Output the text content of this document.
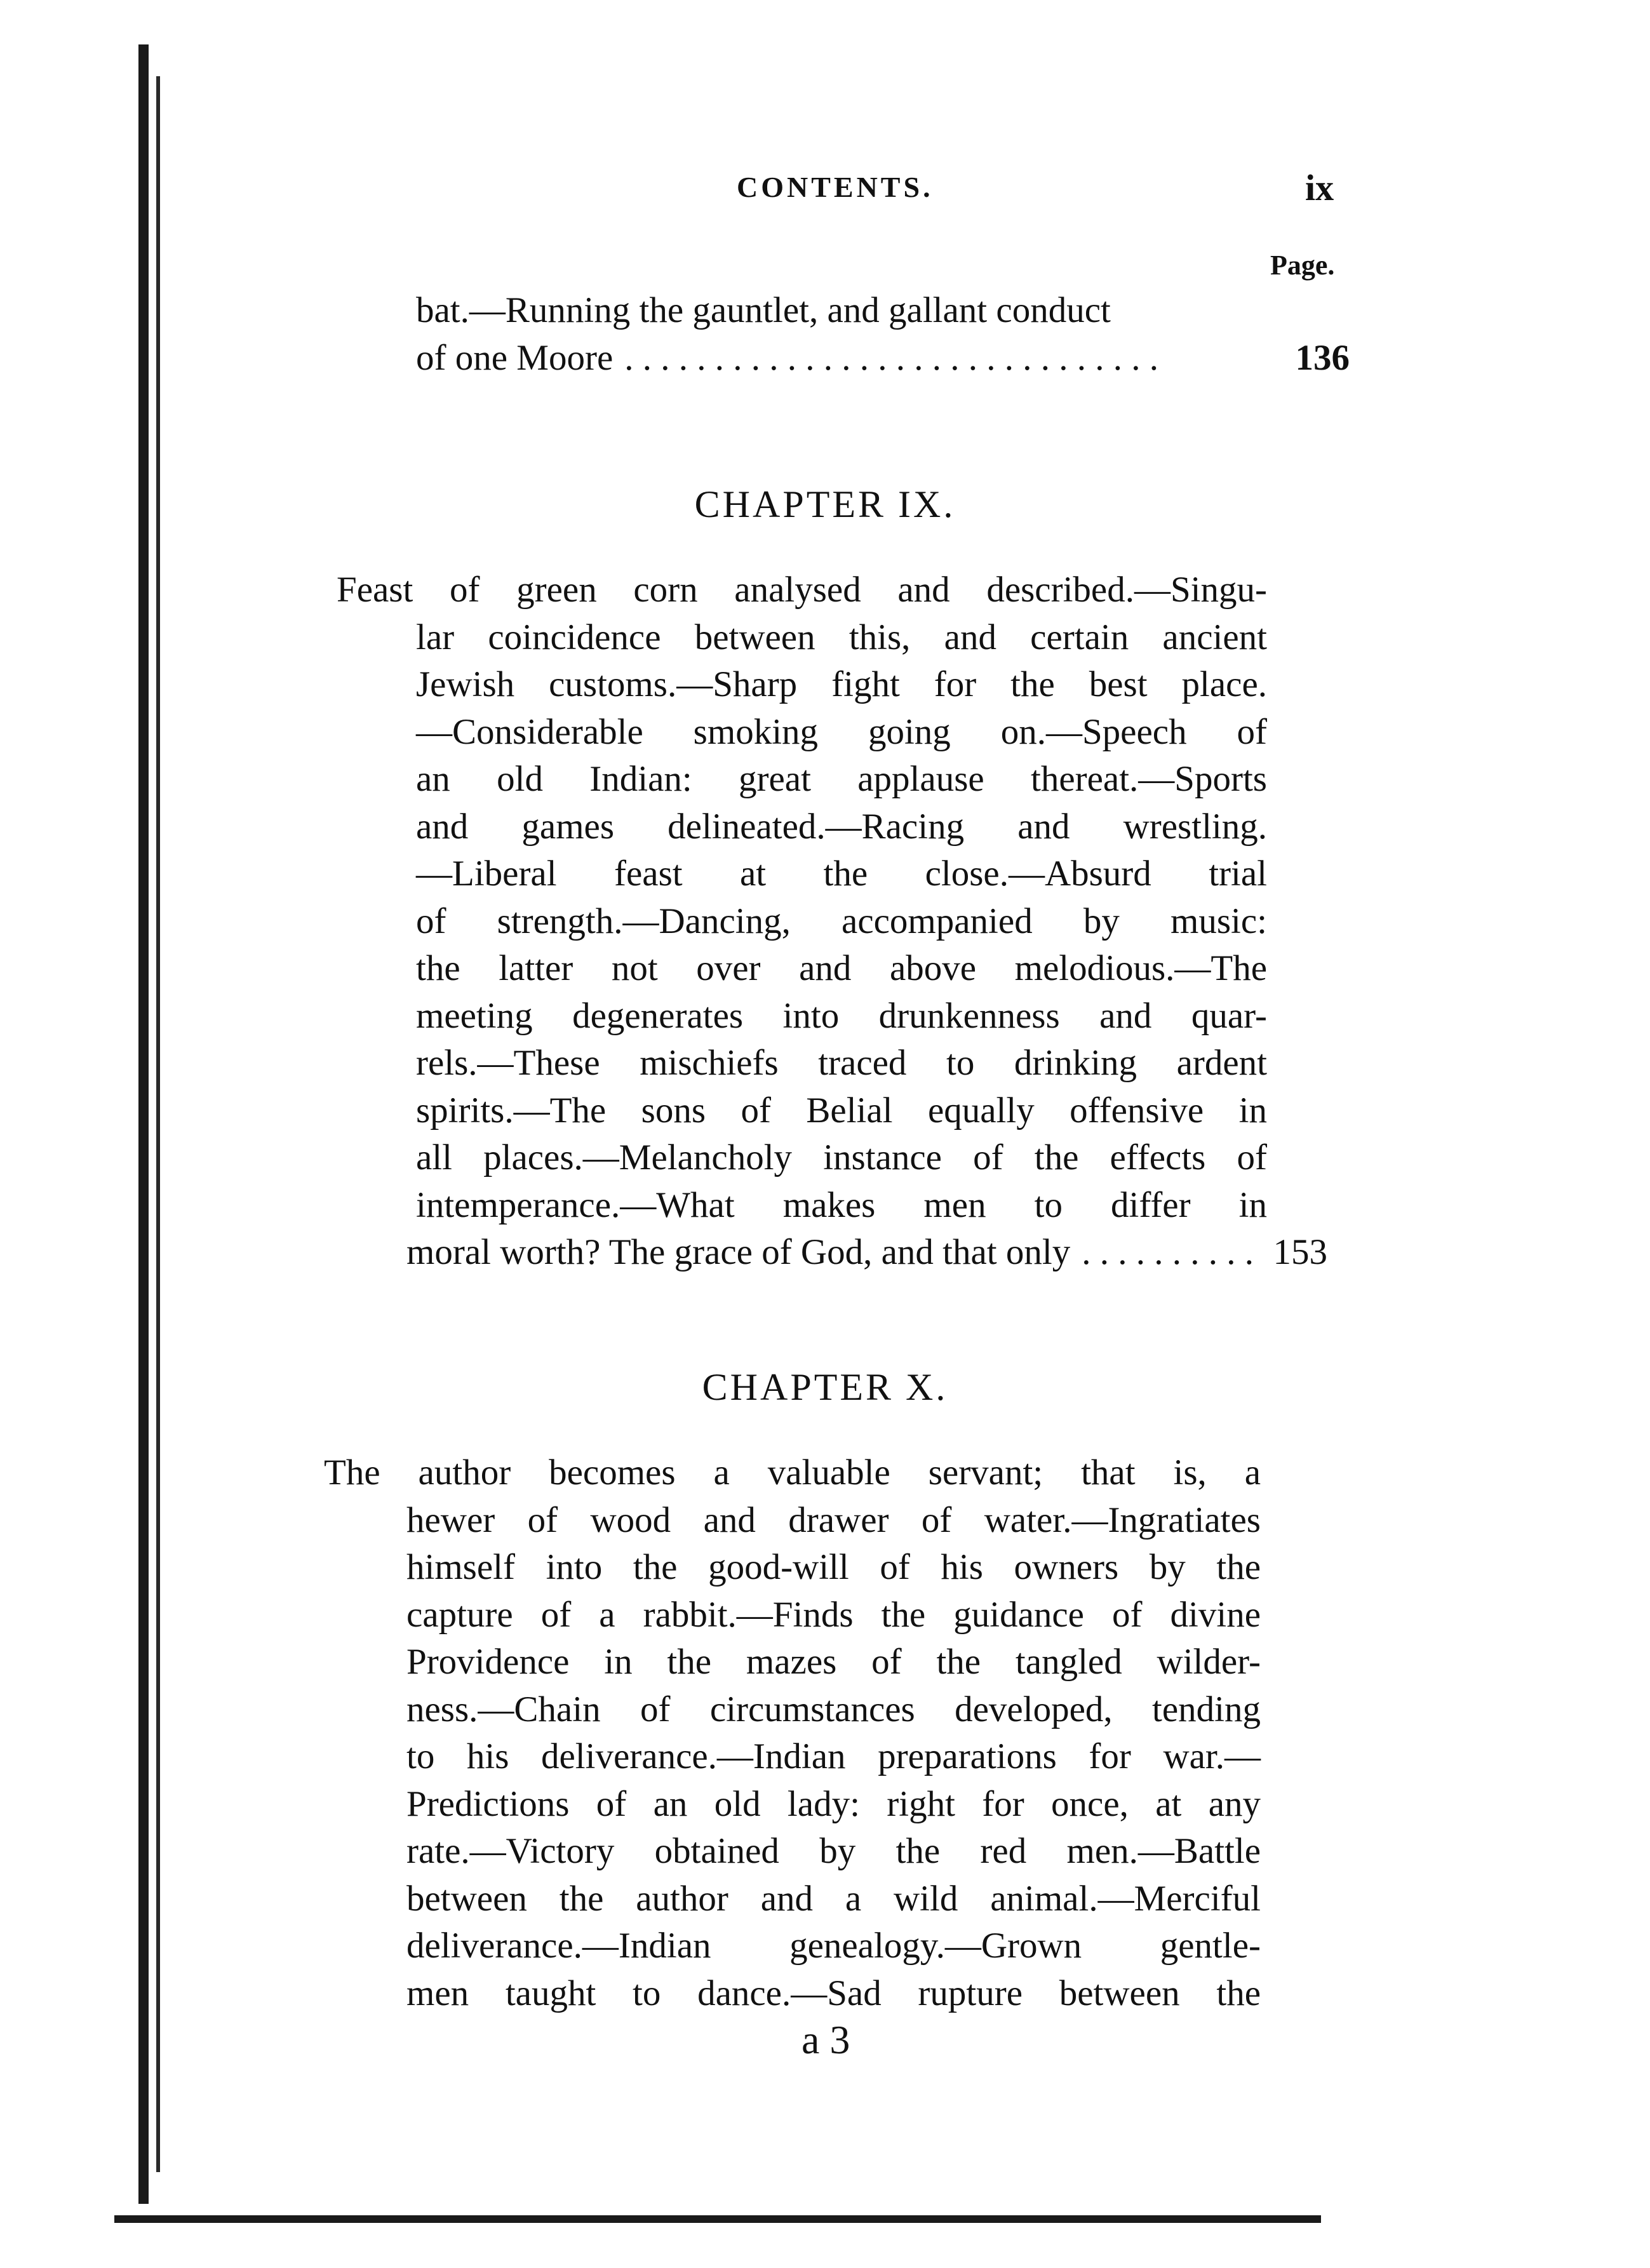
CONTENTS.	ix
Page.
bat.—Running the gauntlet, and gallant conduct
of one Moore . . . . . . . . . . . . . . . . . . . . . . . . . . . . . .	136
CHAPTER IX.
Feast of green corn analysed and described.—Singu-
lar coincidence between this, and certain ancient
Jewish customs.—Sharp fight for the best place.
—Considerable smoking going on.—Speech of
an old Indian: great applause thereat.—Sports
and games delineated.—Racing and wrestling.
—Liberal feast at the close.—Absurd trial
of strength.—Dancing, accompanied by music:
the latter not over and above melodious.—The
meeting degenerates into drunkenness and quar-
rels.—These mischiefs traced to drinking ardent
spirits.—The sons of Belial equally offensive in
all places.—Melancholy instance of the effects of
intemperance.—What makes men to differ in
moral worth? The grace of God, and that only . . . . . . . . . . 153
CHAPTER X.
The author becomes a valuable servant; that is, a
hewer of wood and drawer of water.—Ingratiates
himself into the good-will of his owners by the
capture of a rabbit.—Finds the guidance of divine
Providence in the mazes of the tangled wilder-
ness.—Chain of circumstances developed, tending
to his deliverance.—Indian preparations for war.—
Predictions of an old lady: right for once, at any
rate.—Victory obtained by the red men.—Battle
between the author and a wild animal.—Merciful
deliverance.—Indian genealogy.—Grown gentle-
men taught to dance.—Sad rupture between the
a 3
